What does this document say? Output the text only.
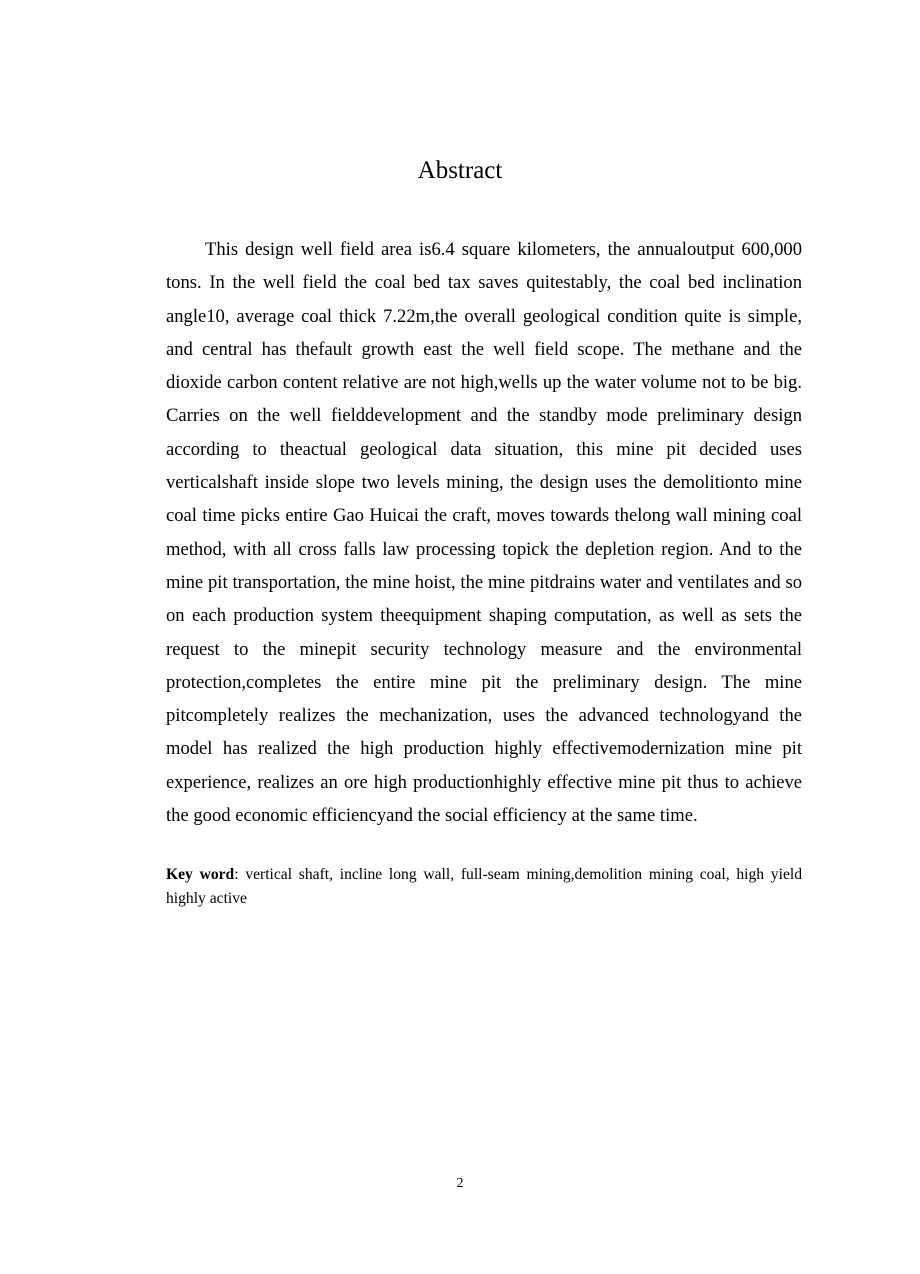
Abstract

This design well field area is6.4 square kilometers, the annualoutput 600,000 tons. In the well field the coal bed tax saves quitestably, the coal bed inclination angle10, average coal thick 7.22m,the overall geological condition quite is simple, and central has thefault growth east the well field scope. The methane and the dioxide carbon content relative are not high,wells up the water volume not to be big. Carries on the well fielddevelopment and the standby mode preliminary design according to theactual geological data situation, this mine pit decided uses verticalshaft inside slope two levels mining, the design uses the demolitionto mine coal time picks entire Gao Huicai the craft, moves towards thelong wall mining coal method, with all cross falls law processing topick the depletion region. And to the mine pit transportation, the mine hoist, the mine pitdrains water and ventilates and so on each production system theequipment shaping computation, as well as sets the request to the minepit security technology measure and the environmental protection,completes the entire mine pit the preliminary design. The mine pitcompletely realizes the mechanization, uses the advanced technologyand the model has realized the high production highly effectivemodernization mine pit experience, realizes an ore high productionhighly effective mine pit thus to achieve the good economic efficiencyand the social efficiency at the same time.

Key word: vertical shaft, incline long wall, full-seam mining,demolition mining coal, high yield highly active

2
